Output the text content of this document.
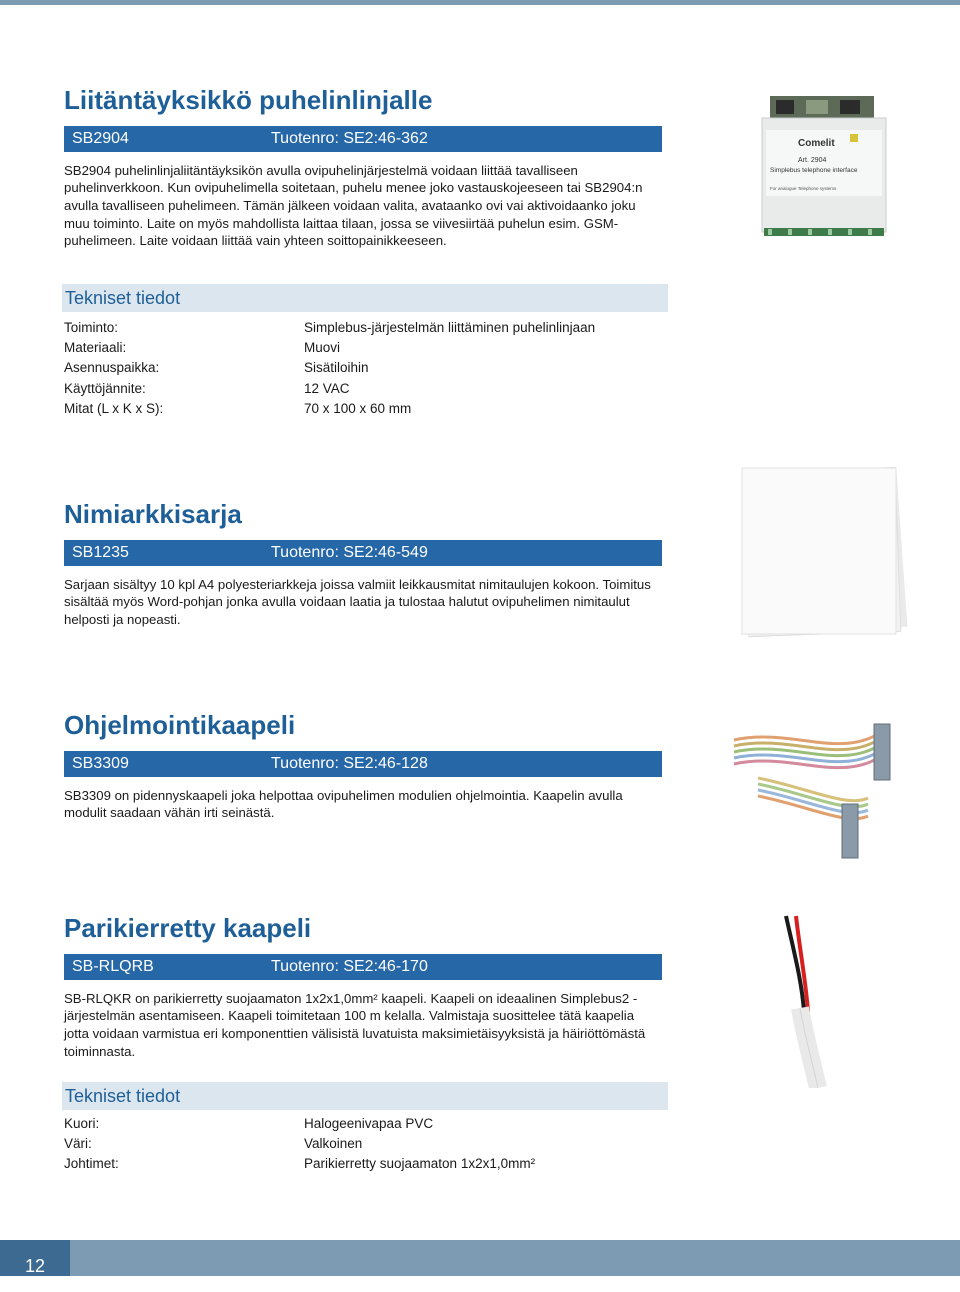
Liitäntäyksikkö puhelinlinjalle
SB2904	Tuotenro: SE2:46-362

SB2904 puhelinlinjaliitäntäyksikön avulla ovipuhelinjärjestelmä voidaan liittää tavalliseen puhelinverkkoon. Kun ovipuhelimella soitetaan, puhelu menee joko vastauskojeeseen tai SB2904:n avulla tavalliseen puhelimeen. Tämän jälkeen voidaan valita, avataanko ovi vai aktivoidaanko joku muu toiminto. Laite on myös mahdollista laittaa tilaan, jossa se viivesiirtää puhelun esim. GSM-puhelimeen. Laite voidaan liittää vain yhteen soittopainikkeeseen.

Comelit
Art. 2904
Simplebus telephone interface
For analogue Telephone systems
Tekniset tiedot
Toiminto:	Simplebus-järjestelmän liittäminen puhelinlinjaan
Materiaali:	Muovi
Asennuspaikka:	Sisätiloihin
Käyttöjännite:	12 VAC
Mitat (L x K x S):	70 x 100 x 60 mm
Nimiarkkisarja
SB1235	Tuotenro: SE2:46-549

Sarjaan sisältyy 10 kpl A4 polyesteriarkkeja joissa valmiit leikkausmitat nimitaulujen kokoon. Toimitus sisältää myös Word-pohjan jonka avulla voidaan laatia ja tulostaa halutut ovipuhelimen nimitaulut helposti ja nopeasti.

Ohjelmointikaapeli
SB3309	Tuotenro: SE2:46-128

SB3309 on pidennyskaapeli joka helpottaa ovipuhelimen modulien ohjelmointia. Kaapelin avulla modulit saadaan vähän irti seinästä.

Parikierretty kaapeli
SB-RLQRB	Tuotenro: SE2:46-170

SB-RLQKR on parikierretty suojaamaton 1x2x1,0mm² kaapeli. Kaapeli on ideaalinen Simplebus2 -järjestelmän asentamiseen. Kaapeli toimitetaan 100 m kelalla. Valmistaja suosittelee tätä kaapelia jotta voidaan varmistua eri komponenttien välisistä luvatuista maksimietäisyyksistä ja häiriöttömästä toiminnasta.

Tekniset tiedot
Kuori:	Halogeenivapaa PVC
Väri:	Valkoinen
Johtimet:	Parikierretty suojaamaton 1x2x1,0mm²
12
